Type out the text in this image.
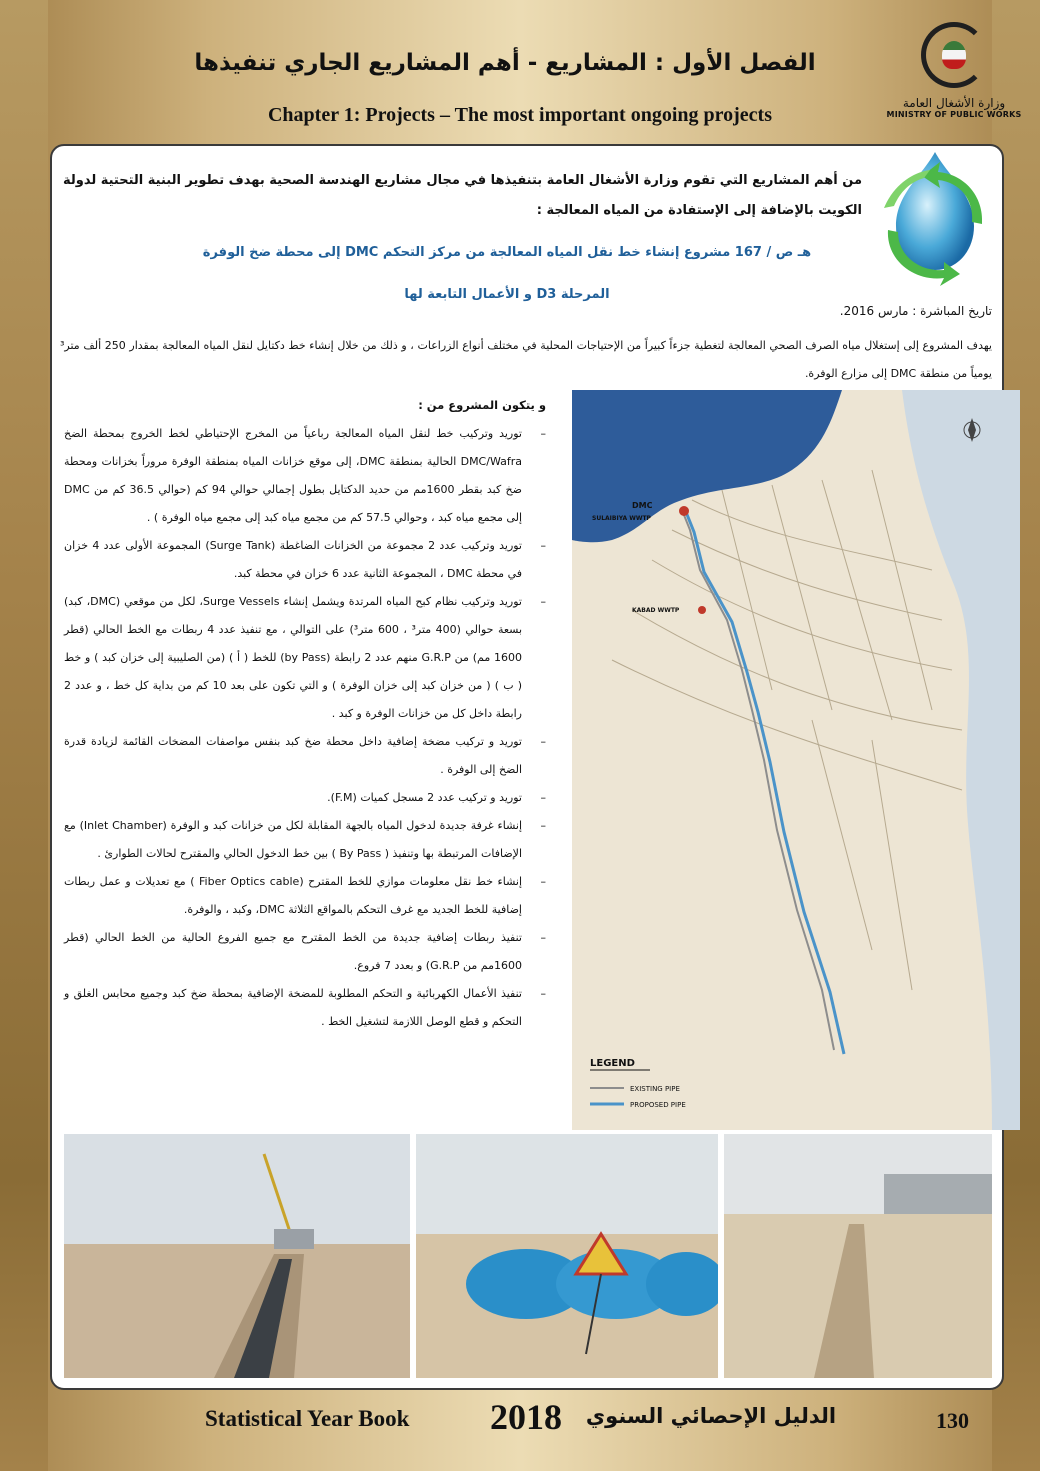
الفصل الأول : المشاريع - أهم المشاريع الجاري تنفيذها
Chapter 1: Projects – The most important ongoing projects
وزارة الأشغال العامة
MINISTRY OF PUBLIC WORKS
من أهم المشاريع التي تقوم وزارة الأشغال العامة بتنفيذها في مجال مشاريع الهندسة الصحية بهدف تطوير البنية التحتية لدولة الكويت بالإضافة إلى الإستفادة من المياه المعالجة :
هـ ص / 167 مشروع إنشاء خط نقل المياه المعالجة من مركز التحكم DMC إلى محطة ضخ الوفرة
المرحلة D3 و الأعمال التابعة لها
تاريخ المباشرة : مارس 2016.
يهدف المشروع إلى إستغلال مياه الصرف الصحي المعالجة لتغطية جزءاً كبيراً من الإحتياجات المحلية في مختلف أنواع الزراعات ، و ذلك من خلال إنشاء خط دكتايل لنقل المياه المعالجة بمقدار 250 ألف متر³ يومياً من منطقة DMC إلى مزارع الوفرة.
و يتكون المشروع من :
–
توريد وتركيب خط لنقل المياه المعالجة رباعياً من المخرج الإحتياطي لخط الخروج بمحطة الضخ DMC/Wafra الحالية بمنطقة DMC، إلى موقع خزانات المياه بمنطقة الوفرة مروراً بخزانات ومحطة ضخ كبد بقطر 1600مم من حديد الدكتايل بطول إجمالي حوالي 94 كم (حوالي 36.5 كم من DMC إلى مجمع مياه كبد ، وحوالي 57.5 كم من مجمع مياه كبد إلى مجمع مياه الوفرة ) .
–
توريد وتركيب عدد 2 مجموعة من الخزانات الضاغطة (Surge Tank) المجموعة الأولى عدد 4 خزان في محطة DMC ، المجموعة الثانية عدد 6 خزان في محطة كبد.
–
توريد وتركيب نظام كبح المياه المرتدة ويشمل إنشاء Surge Vessels، لكل من موقعي (DMC، كبد) بسعة حوالي (400 متر³ ، 600 متر³) على التوالي ، مع تنفيذ عدد 4 ربطات مع الخط الحالي (قطر 1600 مم) من G.R.P منهم عدد 2 رابطة (by Pass) للخط ( أ ) (من الصليبية إلى خزان كبد ) و خط ( ب ) ( من خزان كبد إلى خزان الوفرة ) و التي تكون على بعد 10 كم من بداية كل خط ، و عدد 2 رابطة داخل كل من خزانات الوفرة و كبد .
–
توريد و تركيب مضخة إضافية داخل محطة ضخ كبد بنفس مواصفات المضخات القائمة لزيادة قدرة الضخ إلى الوفرة .
–
توريد و تركيب عدد 2 مسجل كميات (F.M).
–
إنشاء غرفة جديدة لدخول المياه بالجهة المقابلة لكل من خزانات كبد و الوفرة (Inlet Chamber) مع الإضافات المرتبطة بها وتنفيذ ( By Pass ) بين خط الدخول الحالي والمقترح لحالات الطوارئ .
–
إنشاء خط نقل معلومات موازي للخط المقترح (Fiber Optics cable ) مع تعديلات و عمل ربطات إضافية للخط الجديد مع غرف التحكم بالمواقع الثلاثة DMC، وكبد ، والوفرة.
–
تنفيذ ربطات إضافية جديدة من الخط المقترح مع جميع الفروع الحالية من الخط الحالي (قطر 1600مم من G.R.P) و بعدد 7 فروع.
–
تنفيذ الأعمال الكهربائية و التحكم المطلوبة للمضخة الإضافية بمحطة ضخ كبد وجميع محابس الغلق و التحكم و قطع الوصل اللازمة لتشغيل الخط .
DMC
SULAIBIYA WWTP
KABAD WWTP
LEGEND
EXISTING PIPE
PROPOSED PIPE
Statistical Year Book 2018 الدليل الإحصائي السنوي	130
